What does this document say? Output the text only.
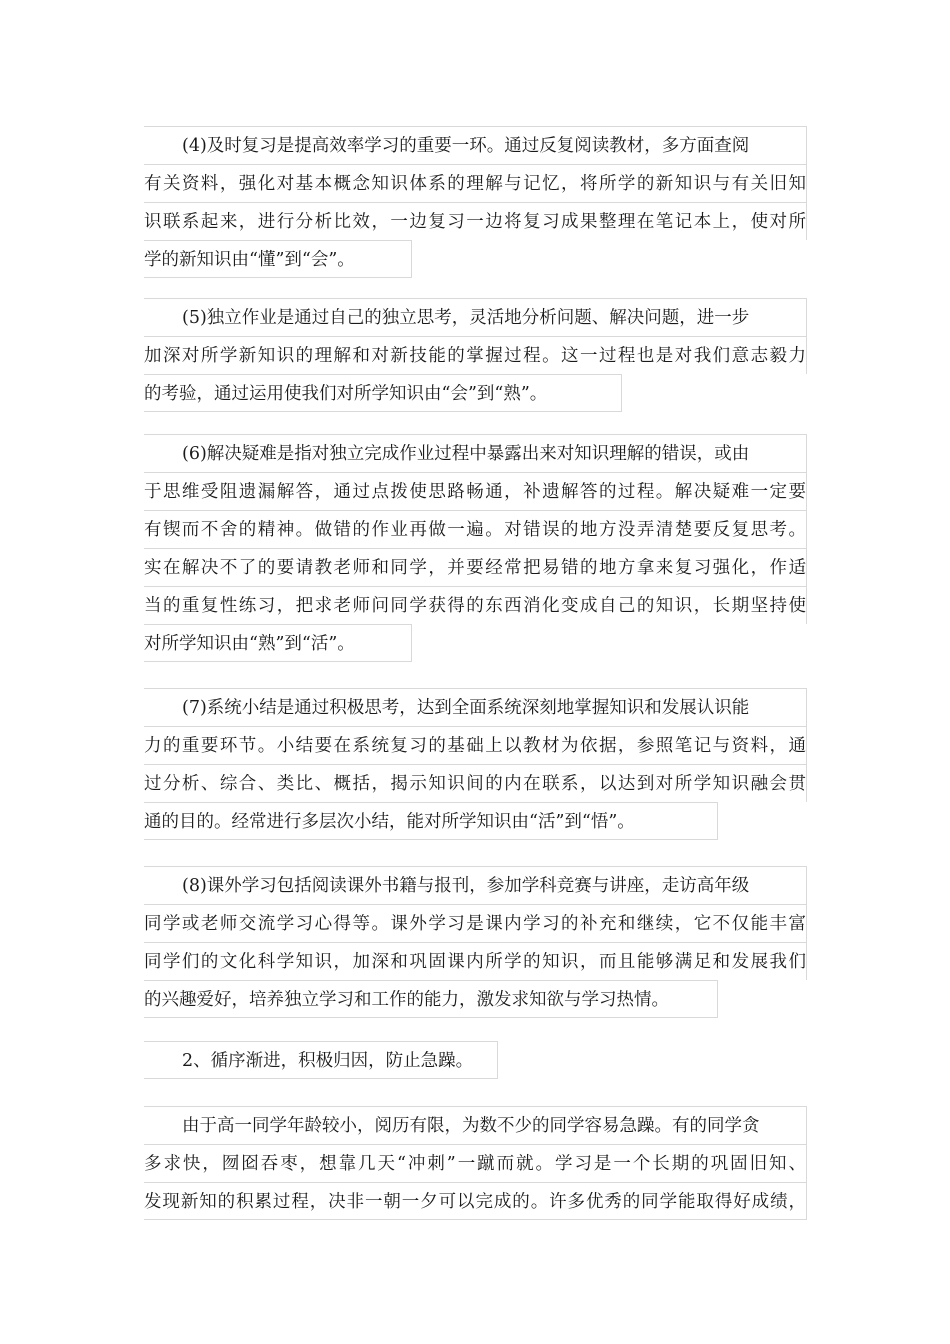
(4)及时复习是提高效率学习的重要一环。通过反复阅读教材，多方面查阅
有关资料，强化对基本概念知识体系的理解与记忆，将所学的新知识与有关旧知
识联系起来，进行分析比效，一边复习一边将复习成果整理在笔记本上，使对所
学的新知识由“懂”到“会”。
(5)独立作业是通过自己的独立思考，灵活地分析问题、解决问题，进一步
加深对所学新知识的理解和对新技能的掌握过程。这一过程也是对我们意志毅力
的考验，通过运用使我们对所学知识由“会”到“熟”。
(6)解决疑难是指对独立完成作业过程中暴露出来对知识理解的错误，或由
于思维受阻遗漏解答，通过点拨使思路畅通，补遗解答的过程。解决疑难一定要
有锲而不舍的精神。做错的作业再做一遍。对错误的地方没弄清楚要反复思考。
实在解决不了的要请教老师和同学，并要经常把易错的地方拿来复习强化，作适
当的重复性练习，把求老师问同学获得的东西消化变成自己的知识，长期坚持使
对所学知识由“熟”到“活”。
(7)系统小结是通过积极思考，达到全面系统深刻地掌握知识和发展认识能
力的重要环节。小结要在系统复习的基础上以教材为依据，参照笔记与资料，通
过分析、综合、类比、概括，揭示知识间的内在联系，以达到对所学知识融会贯
通的目的。经常进行多层次小结，能对所学知识由“活”到“悟”。
(8)课外学习包括阅读课外书籍与报刊，参加学科竞赛与讲座，走访高年级
同学或老师交流学习心得等。课外学习是课内学习的补充和继续，它不仅能丰富
同学们的文化科学知识，加深和巩固课内所学的知识，而且能够满足和发展我们
的兴趣爱好，培养独立学习和工作的能力，激发求知欲与学习热情。
2、循序渐进，积极归因，防止急躁。
由于高一同学年龄较小，阅历有限，为数不少的同学容易急躁。有的同学贪
多求快，囫囵吞枣，想靠几天“冲刺”一蹴而就。学习是一个长期的巩固旧知、
发现新知的积累过程，决非一朝一夕可以完成的。许多优秀的同学能取得好成绩，
